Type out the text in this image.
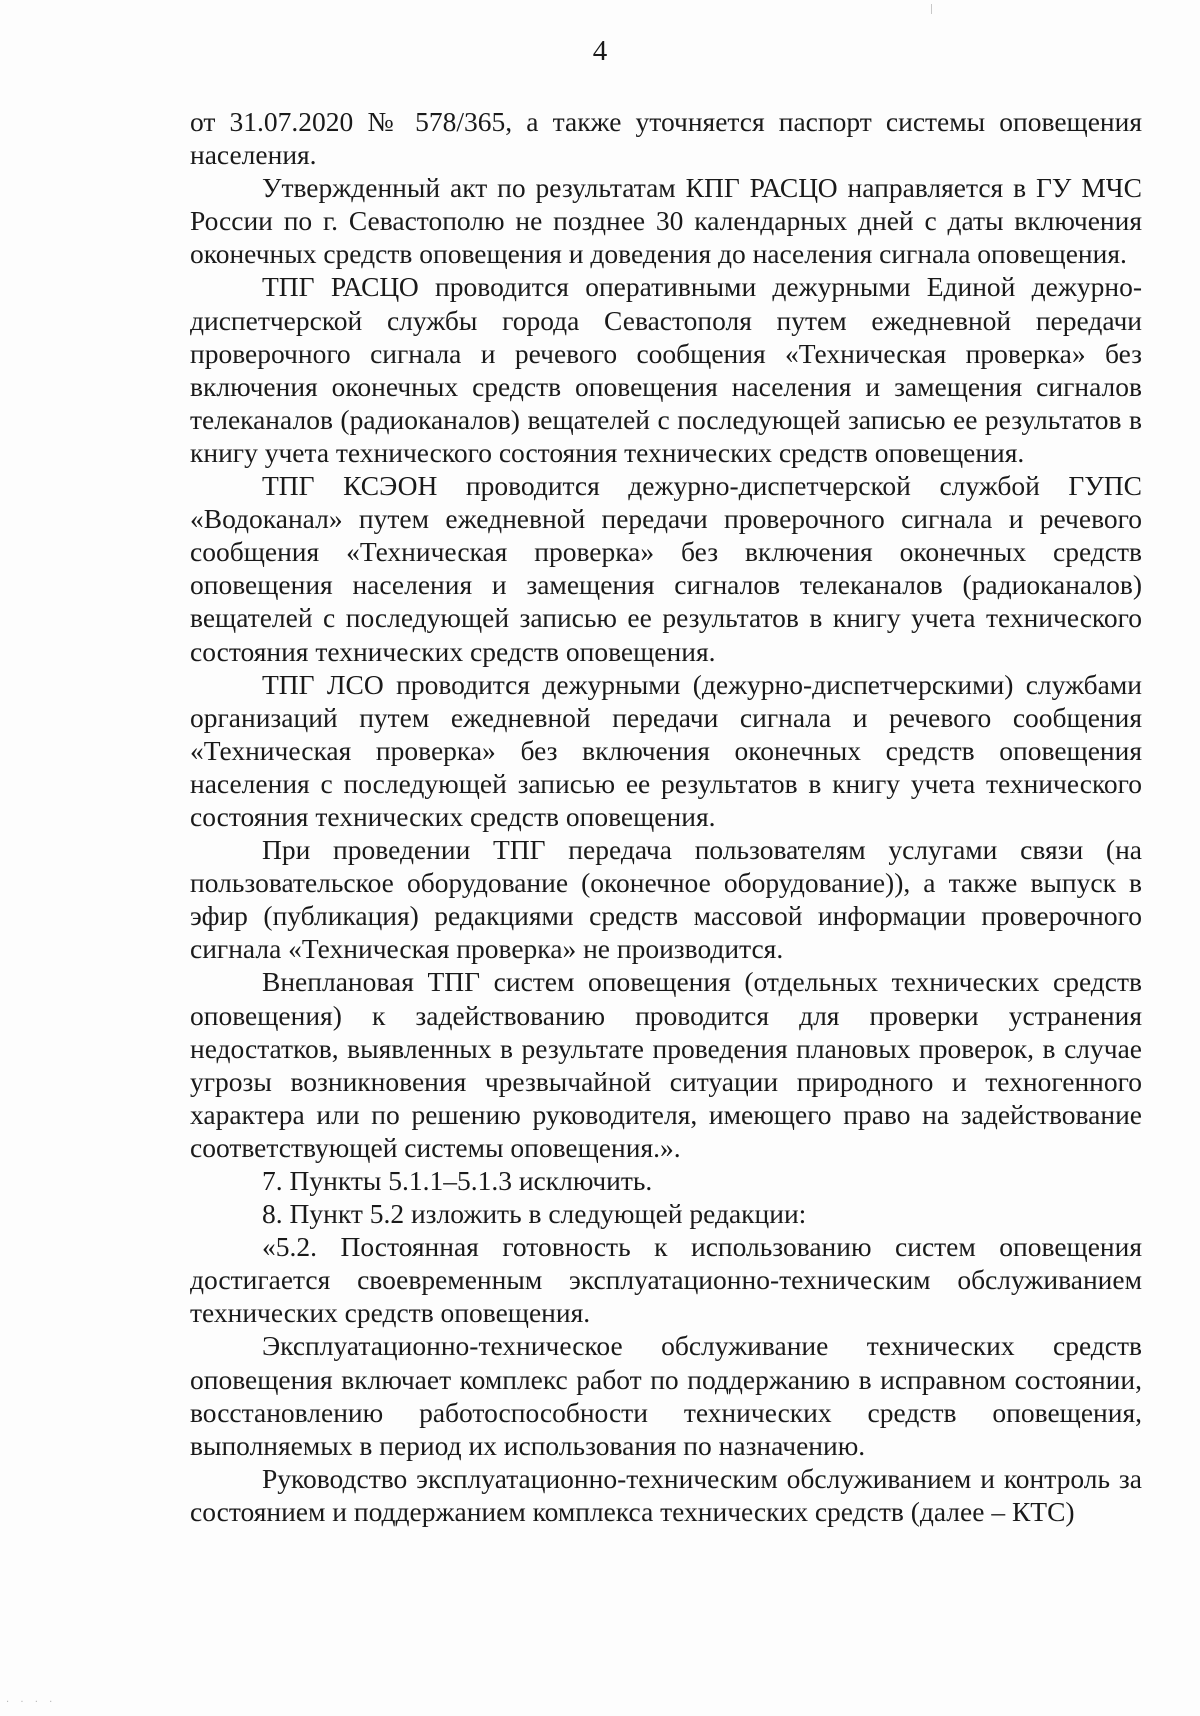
4

от 31.07.2020 № 578/365, а также уточняется паспорт системы оповещения населения.

Утвержденный акт по результатам КПГ РАСЦО направляется в ГУ МЧС России по г. Севастополю не позднее 30 календарных дней с даты включения оконечных средств оповещения и доведения до населения сигнала оповещения.

ТПГ РАСЦО проводится оперативными дежурными Единой дежурно-диспетчерской службы города Севастополя путем ежедневной передачи проверочного сигнала и речевого сообщения «Техническая проверка» без включения оконечных средств оповещения населения и замещения сигналов телеканалов (радиоканалов) вещателей с последующей записью ее результатов в книгу учета технического состояния технических средств оповещения.

ТПГ КСЭОН проводится дежурно-диспетчерской службой ГУПС «Водоканал» путем ежедневной передачи проверочного сигнала и речевого сообщения «Техническая проверка» без включения оконечных средств оповещения населения и замещения сигналов телеканалов (радиоканалов) вещателей с последующей записью ее результатов в книгу учета технического состояния технических средств оповещения.

ТПГ ЛСО проводится дежурными (дежурно-диспетчерскими) службами организаций путем ежедневной передачи сигнала и речевого сообщения «Техническая проверка» без включения оконечных средств оповещения населения с последующей записью ее результатов в книгу учета технического состояния технических средств оповещения.

При проведении ТПГ передача пользователям услугами связи (на пользовательское оборудование (оконечное оборудование)), а также выпуск в эфир (публикация) редакциями средств массовой информации проверочного сигнала «Техническая проверка» не производится.

Внеплановая ТПГ систем оповещения (отдельных технических средств оповещения) к задействованию проводится для проверки устранения недостатков, выявленных в результате проведения плановых проверок, в случае угрозы возникновения чрезвычайной ситуации природного и техногенного характера или по решению руководителя, имеющего право на задействование соответствующей системы оповещения.».

7. Пункты 5.1.1–5.1.3 исключить.

8. Пункт 5.2 изложить в следующей редакции:

«5.2. Постоянная готовность к использованию систем оповещения достигается своевременным эксплуатационно-техническим обслуживанием технических средств оповещения.

Эксплуатационно-техническое обслуживание технических средств оповещения включает комплекс работ по поддержанию в исправном состоянии, восстановлению работоспособности технических средств оповещения, выполняемых в период их использования по назначению.

Руководство эксплуатационно-техническим обслуживанием и контроль за состоянием и поддержанием комплекса технических средств (далее – КТС)

· · · ·
